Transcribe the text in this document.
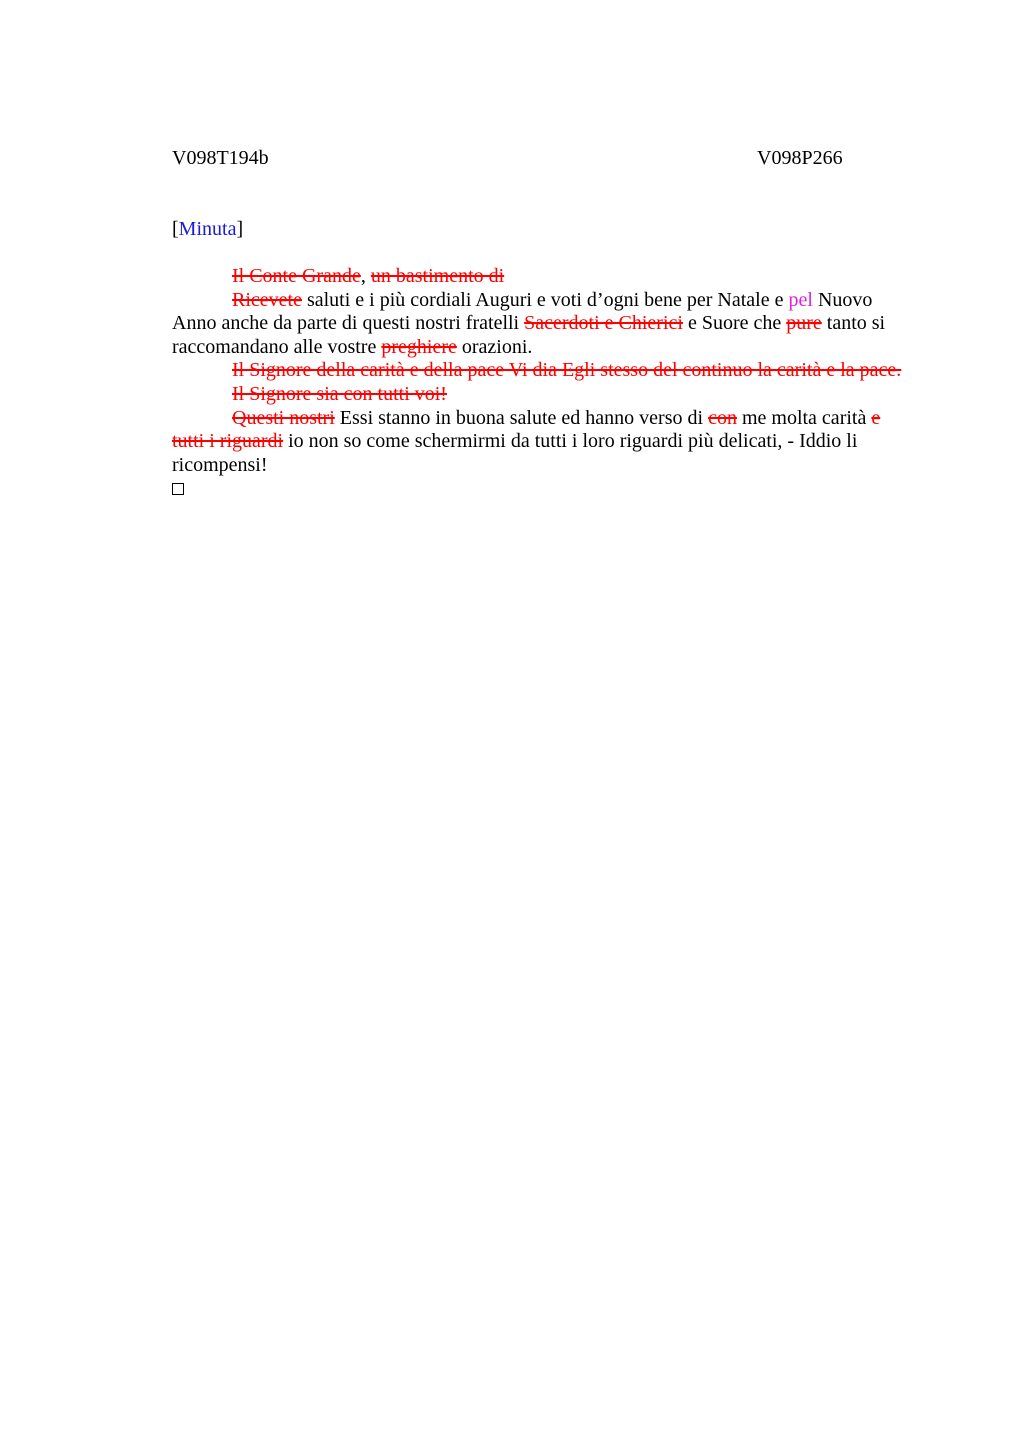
V098T194b	V098P266
[Minuta]

Il Conte Grande, un bastimento di

Ricevete saluti e i più cordiali Auguri e voti d’ogni bene per Natale e pel Nuovo Anno anche da parte di questi nostri fratelli Sacerdoti e Chierici e Suore che pure tanto si raccomandano alle vostre preghiere orazioni.

Il Signore della carità e della pace Vi dia Egli stesso del continuo la carità e la pace.

Il Signore sia con tutti voi!

Questi nostri Essi stanno in buona salute ed hanno verso di con me molta carità e tutti i riguardi io non so come schermirmi da tutti i loro riguardi più delicati, - Iddio li ricompensi!
